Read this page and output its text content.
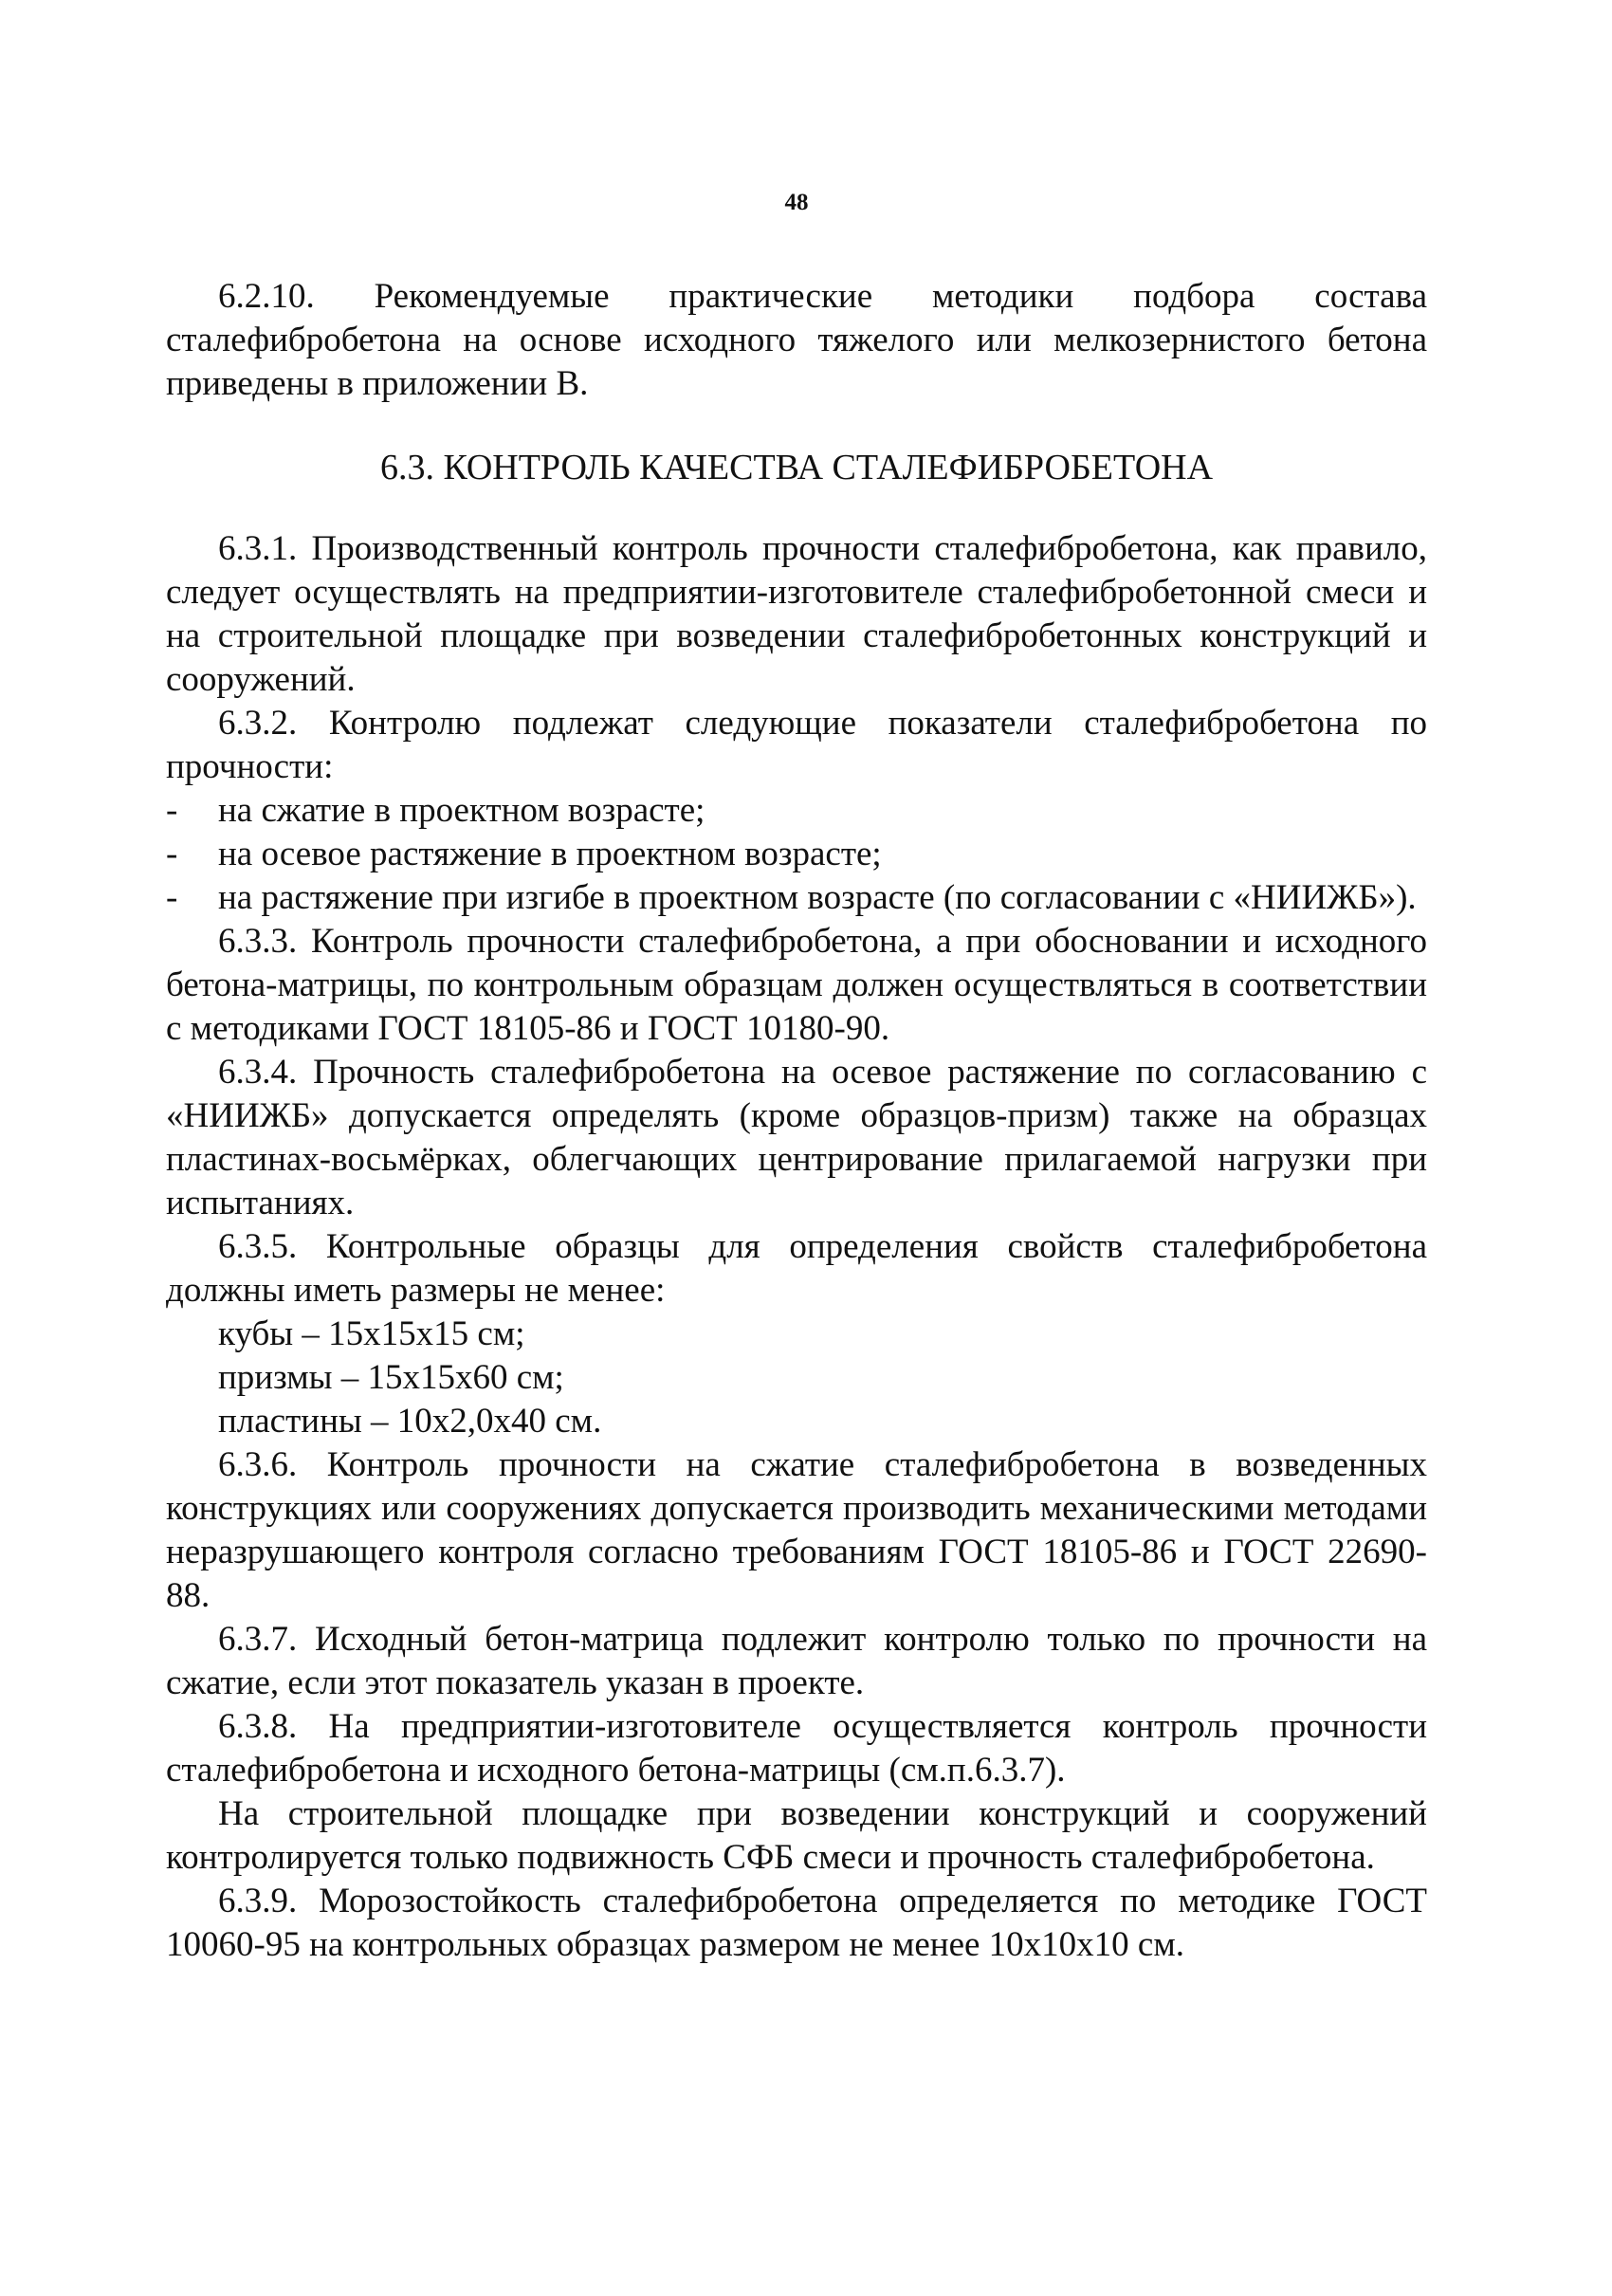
48

6.2.10. Рекомендуемые практические методики подбора состава сталефибробетона на основе исходного тяжелого или мелкозернистого бетона приведены в приложении В.

6.3. КОНТРОЛЬ КАЧЕСТВА СТАЛЕФИБРОБЕТОНА

6.3.1. Производственный контроль прочности сталефибробетона, как правило, следует осуществлять на предприятии-изготовителе сталефибробетонной смеси и на строительной площадке при возведении сталефибробетонных конструкций и сооружений.

6.3.2. Контролю подлежат следующие показатели сталефибробетона по прочности:

- на сжатие в проектном возрасте;
- на осевое растяжение в проектном возрасте;
- на растяжение при изгибе в проектном возрасте (по согласовании с «НИИЖБ»).

6.3.3. Контроль прочности сталефибробетона, а при обосновании и исходного бетона-матрицы, по контрольным образцам должен осуществляться в соответствии с методиками ГОСТ 18105-86 и ГОСТ 10180-90.

6.3.4. Прочность сталефибробетона на осевое растяжение по согласованию с «НИИЖБ» допускается определять (кроме образцов-призм) также на образцах пластинах-восьмёрках, облегчающих центрирование прилагаемой нагрузки при испытаниях.

6.3.5. Контрольные образцы для определения свойств сталефибробетона должны иметь размеры не менее:

кубы – 15х15х15 см;

призмы – 15х15х60 см;

пластины – 10х2,0х40 см.

6.3.6. Контроль прочности на сжатие сталефибробетона в возведенных конструкциях или сооружениях допускается производить механическими методами неразрушающего контроля согласно требованиям ГОСТ 18105-86 и ГОСТ 22690-88.

6.3.7. Исходный бетон-матрица подлежит контролю только по прочности на сжатие, если этот показатель указан в проекте.

6.3.8. На предприятии-изготовителе осуществляется контроль прочности сталефибробетона и исходного бетона-матрицы (см.п.6.3.7).

На строительной площадке при возведении конструкций и сооружений контролируется только подвижность СФБ смеси и прочность сталефибробетона.

6.3.9. Морозостойкость сталефибробетона определяется по методике ГОСТ 10060-95 на контрольных образцах размером не менее 10х10х10 см.
